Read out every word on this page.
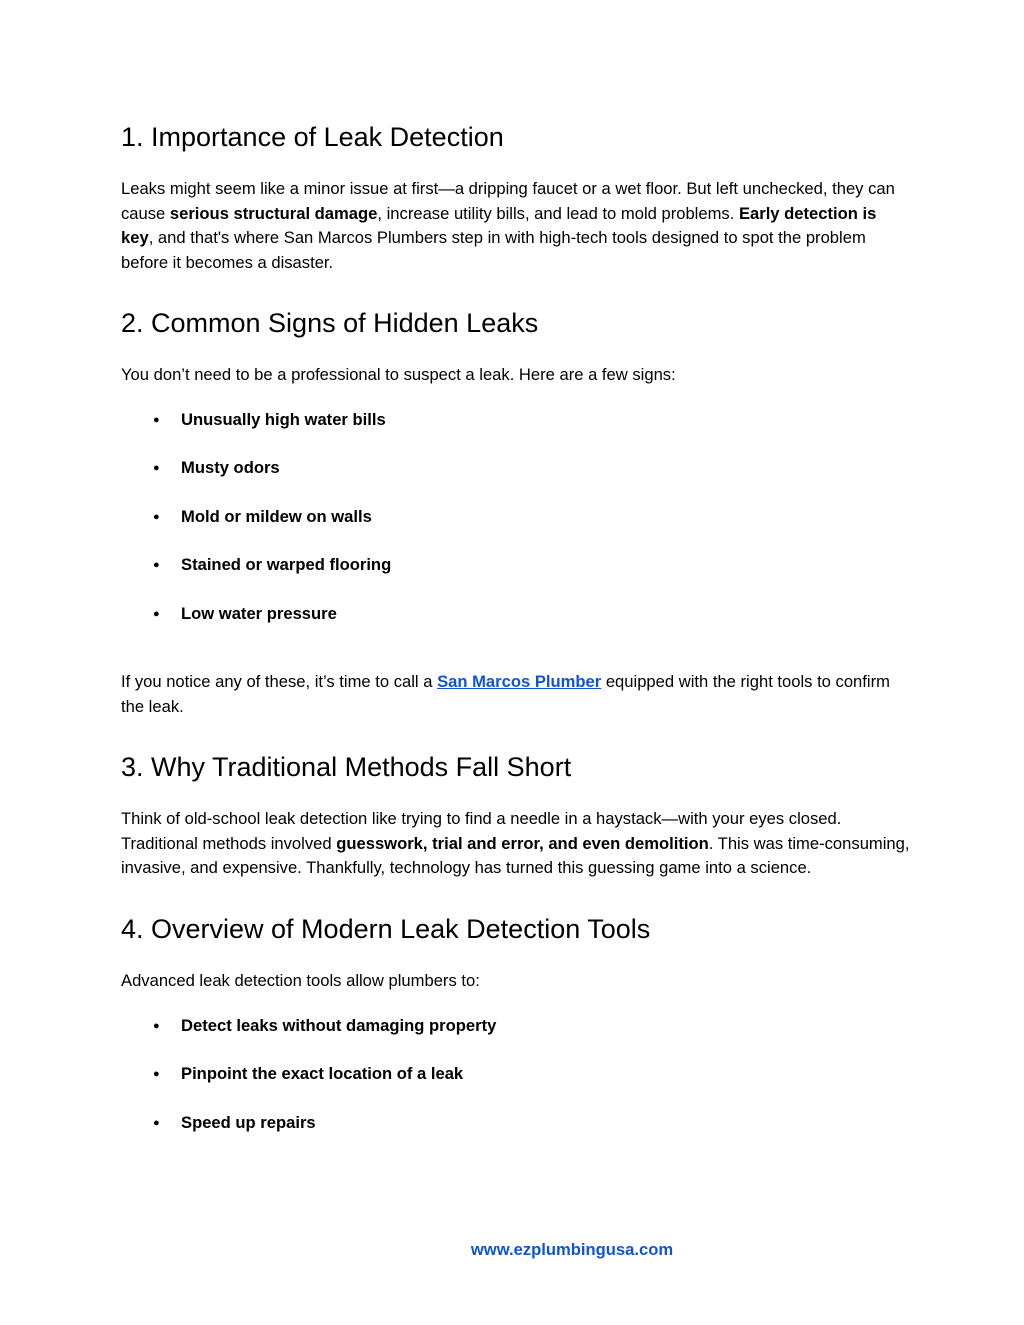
1. Importance of Leak Detection

Leaks might seem like a minor issue at first—a dripping faucet or a wet floor. But left unchecked, they can cause serious structural damage, increase utility bills, and lead to mold problems. Early detection is key, and that's where San Marcos Plumbers step in with high-tech tools designed to spot the problem before it becomes a disaster.

2. Common Signs of Hidden Leaks

You don’t need to be a professional to suspect a leak. Here are a few signs:

● Unusually high water bills
● Musty odors
● Mold or mildew on walls
● Stained or warped flooring
● Low water pressure

If you notice any of these, it’s time to call a San Marcos Plumber equipped with the right tools to confirm the leak.

3. Why Traditional Methods Fall Short

Think of old-school leak detection like trying to find a needle in a haystack—with your eyes closed. Traditional methods involved guesswork, trial and error, and even demolition. This was time-consuming, invasive, and expensive. Thankfully, technology has turned this guessing game into a science.

4. Overview of Modern Leak Detection Tools

Advanced leak detection tools allow plumbers to:

● Detect leaks without damaging property
● Pinpoint the exact location of a leak
● Speed up repairs
www.ezplumbingusa.com
